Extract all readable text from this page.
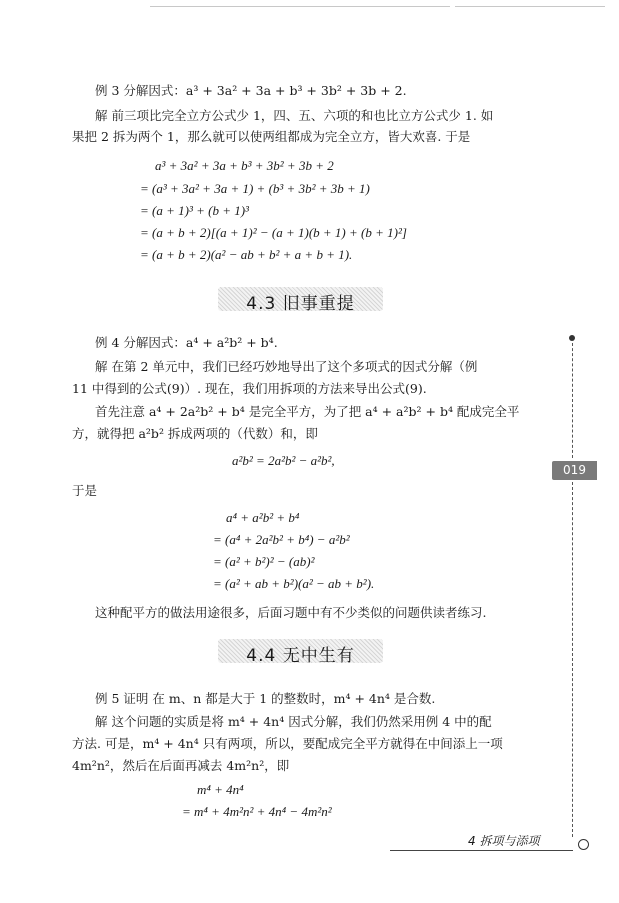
例 3 分解因式：a³ + 3a² + 3a + b³ + 3b² + 3b + 2.
解 前三项比完全立方公式少 1，四、五、六项的和也比立方公式少 1. 如
果把 2 拆为两个 1，那么就可以使两组都成为完全立方，皆大欢喜. 于是
a³ + 3a² + 3a + b³ + 3b² + 3b + 2
= (a³ + 3a² + 3a + 1) + (b³ + 3b² + 3b + 1)
= (a + 1)³ + (b + 1)³
= (a + b + 2)[(a + 1)² − (a + 1)(b + 1) + (b + 1)²]
= (a + b + 2)(a² − ab + b² + a + b + 1).
4.3 旧事重提
019
例 4 分解因式：a⁴ + a²b² + b⁴.
解 在第 2 单元中，我们已经巧妙地导出了这个多项式的因式分解（例
11 中得到的公式(9)）. 现在，我们用拆项的方法来导出公式(9).
首先注意 a⁴ + 2a²b² + b⁴ 是完全平方，为了把 a⁴ + a²b² + b⁴ 配成完全平
方，就得把 a²b² 拆成两项的（代数）和，即
a²b² = 2a²b² − a²b²,
于是
a⁴ + a²b² + b⁴
= (a⁴ + 2a²b² + b⁴) − a²b²
= (a² + b²)² − (ab)²
= (a² + ab + b²)(a² − ab + b²).
这种配平方的做法用途很多，后面习题中有不少类似的问题供读者练习.
4.4 无中生有
例 5 证明 在 m、n 都是大于 1 的整数时，m⁴ + 4n⁴ 是合数.
解 这个问题的实质是将 m⁴ + 4n⁴ 因式分解，我们仍然采用例 4 中的配
方法. 可是，m⁴ + 4n⁴ 只有两项，所以，要配成完全平方就得在中间添上一项
4m²n²，然后在后面再减去 4m²n²，即
m⁴ + 4n⁴
= m⁴ + 4m²n² + 4n⁴ − 4m²n²
4 拆项与添项
